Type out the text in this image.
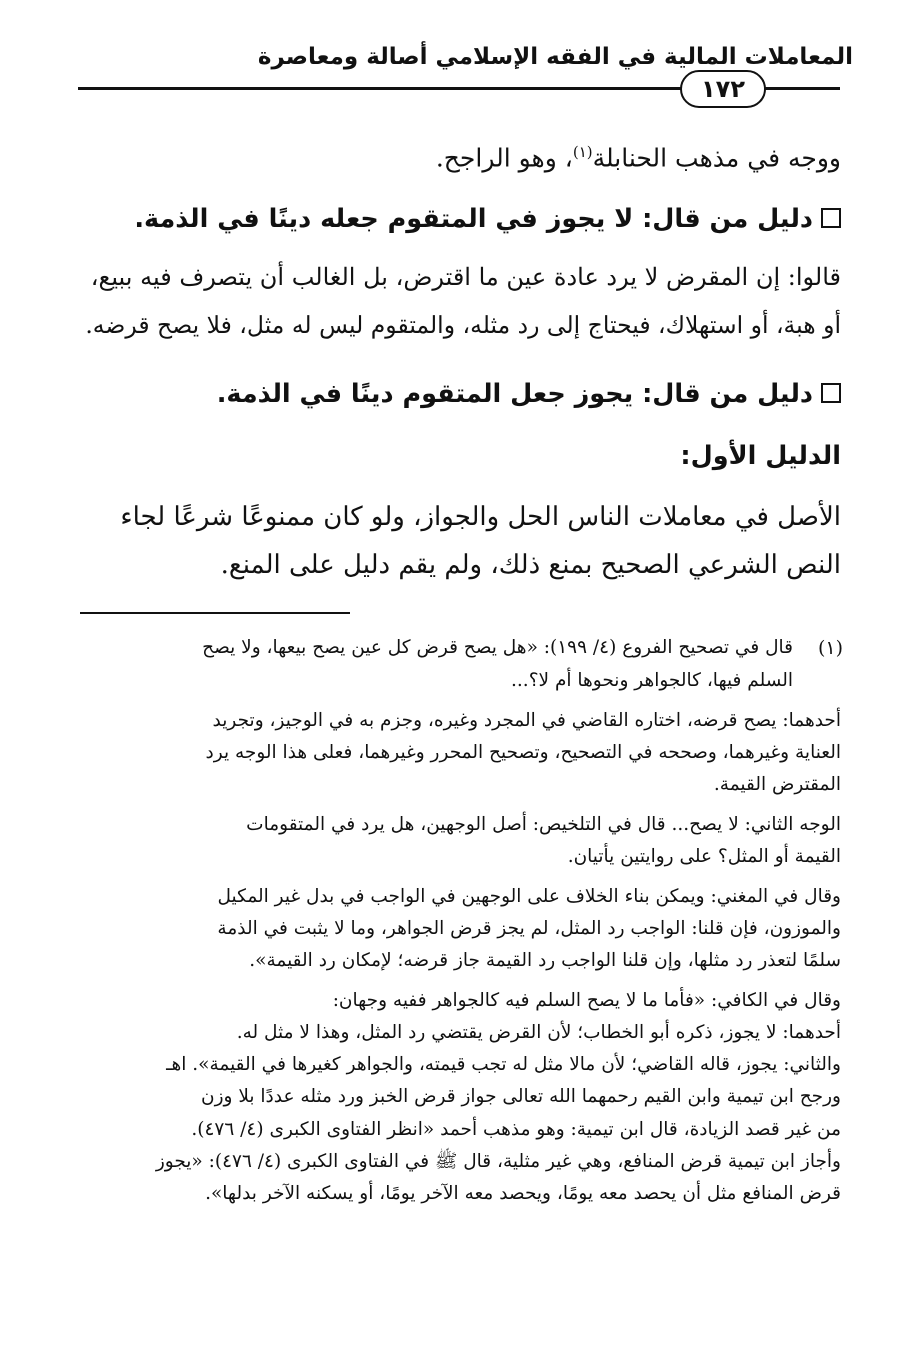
المعاملات المالية في الفقه الإسلامي أصالة ومعاصرة
١٧٢
ووجه في مذهب الحنابلة$^{(١)}$، وهو الراجح.
دليل من قال: لا يجوز في المتقوم جعله دينًا في الذمة.
قالوا: إن المقرض لا يرد عادة عين ما اقترض، بل الغالب أن يتصرف فيه ببيع،
أو هبة، أو استهلاك، فيحتاج إلى رد مثله، والمتقوم ليس له مثل، فلا يصح قرضه.
دليل من قال: يجوز جعل المتقوم دينًا في الذمة.
الدليل الأول:
الأصل في معاملات الناس الحل والجواز، ولو كان ممنوعًا شرعًا لجاء
النص الشرعي الصحيح بمنع ذلك، ولم يقم دليل على المنع.
(١)
قال في تصحيح الفروع (٤/ ١٩٩): «هل يصح قرض كل عين يصح بيعها، ولا يصح
السلم فيها، كالجواهر ونحوها أم لا؟...
أحدهما: يصح قرضه، اختاره القاضي في المجرد وغيره، وجزم به في الوجيز، وتجريد
العناية وغيرهما، وصححه في التصحيح، وتصحيح المحرر وغيرهما، فعلى هذا الوجه يرد
المقترض القيمة.
الوجه الثاني: لا يصح... قال في التلخيص: أصل الوجهين، هل يرد في المتقومات
القيمة أو المثل؟ على روايتين يأتيان.
وقال في المغني: ويمكن بناء الخلاف على الوجهين في الواجب في بدل غير المكيل
والموزون، فإن قلنا: الواجب رد المثل، لم يجز قرض الجواهر، وما لا يثبت في الذمة
سلمًا لتعذر رد مثلها، وإن قلنا الواجب رد القيمة جاز قرضه؛ لإمكان رد القيمة».
وقال في الكافي: «فأما ما لا يصح السلم فيه كالجواهر ففيه وجهان:
أحدهما: لا يجوز، ذكره أبو الخطاب؛ لأن القرض يقتضي رد المثل، وهذا لا مثل له.
والثاني: يجوز، قاله القاضي؛ لأن مالا مثل له تجب قيمته، والجواهر كغيرها في القيمة». اهـ
ورجح ابن تيمية وابن القيم رحمهما الله تعالى جواز قرض الخبز ورد مثله عددًا بلا وزن
من غير قصد الزيادة، قال ابن تيمية: وهو مذهب أحمد «انظر الفتاوى الكبرى (٤/ ٤٧٦).
وأجاز ابن تيمية قرض المنافع، وهي غير مثلية، قال ﷺ في الفتاوى الكبرى (٤/ ٤٧٦): «يجوز
قرض المنافع مثل أن يحصد معه يومًا، ويحصد معه الآخر يومًا، أو يسكنه الآخر بدلها».
